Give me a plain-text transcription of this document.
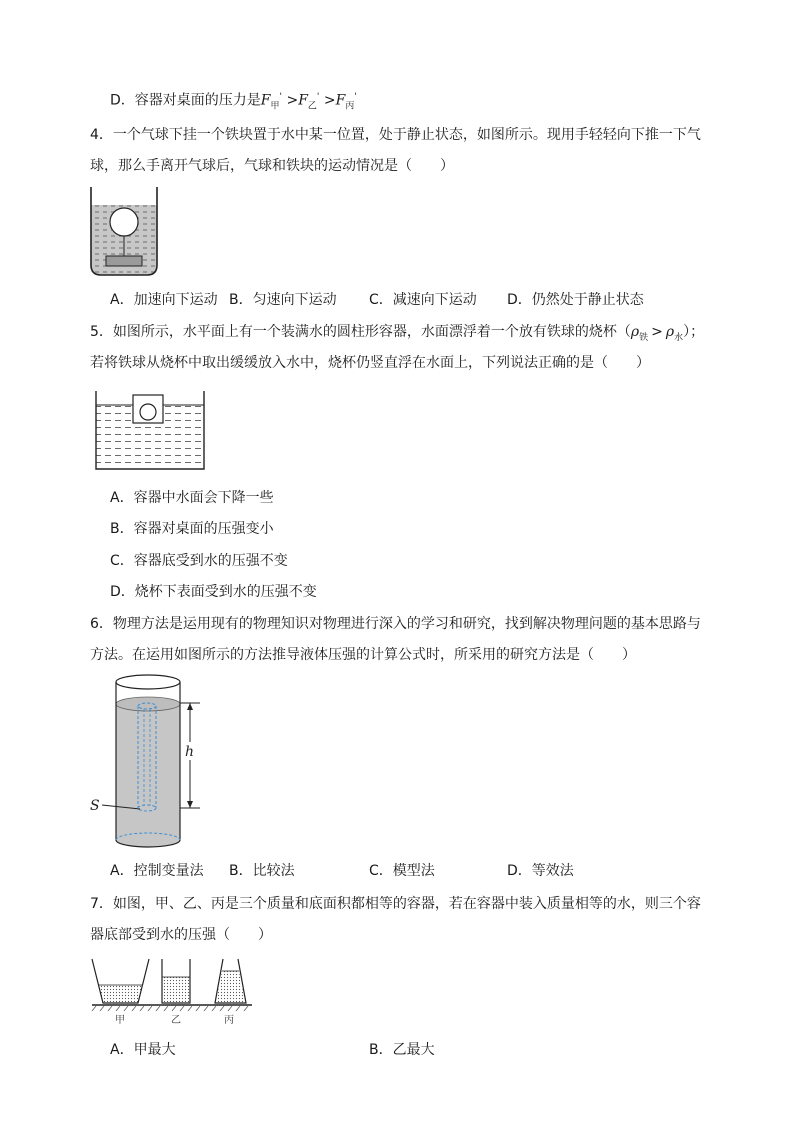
D．容器对桌面的压力是$F_甲' >F_乙' >F_丙'$
4．一个气球下挂一个铁块置于水中某一位置，处于静止状态，如图所示。现用手轻轻向下推一下气
球，那么手离开气球后，气球和铁块的运动情况是（　　）
A．加速向下运动 B．匀速向下运动 C．减速向下运动 D．仍然处于静止状态
5．如图所示，水平面上有一个装满水的圆柱形容器，水面漂浮着一个放有铁球的烧杯$(\rho_铁 > \rho_水)$；
若将铁球从烧杯中取出缓缓放入水中，烧杯仍竖直浮在水面上，下列说法正确的是（　　）
A．容器中水面会下降一些
B．容器对桌面的压强变小
C．容器底受到水的压强不变
D．烧杯下表面受到水的压强不变
6．物理方法是运用现有的物理知识对物理进行深入的学习和研究，找到解决物理问题的基本思路与
方法。在运用如图所示的方法推导液体压强的计算公式时，所采用的研究方法是（　　）
h
S
A．控制变量法 B．比较法	C．模型法	D．等效法
7．如图，甲、乙、丙是三个质量和底面积都相等的容器，若在容器中装入质量相等的水，则三个容
器底部受到水的压强（　　）
甲	乙	丙
A．甲最大	B．乙最大
